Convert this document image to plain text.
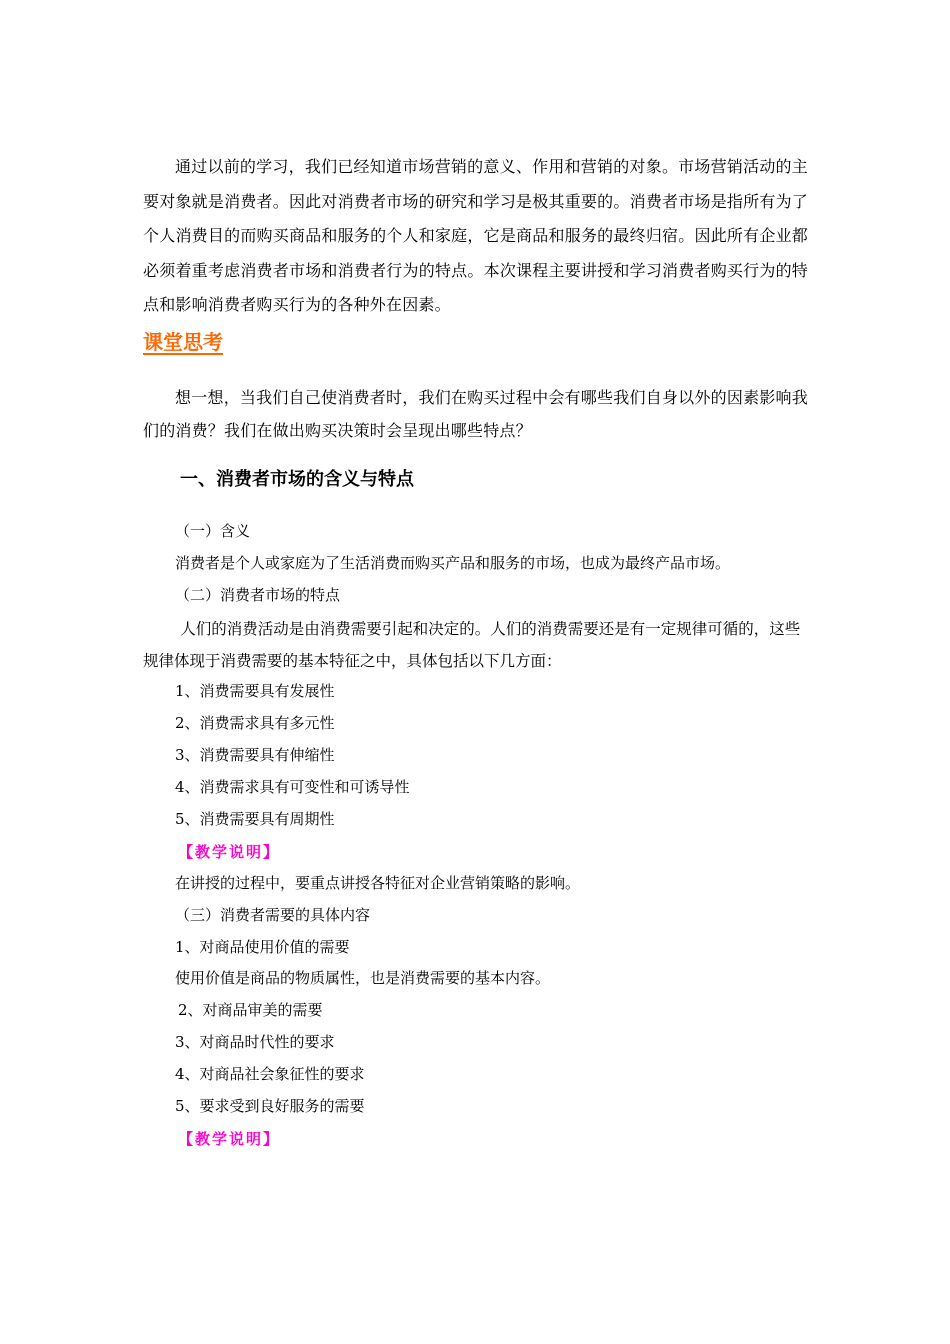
通过以前的学习，我们已经知道市场营销的意义、作用和营销的对象。市场营销活动的主要对象就是消费者。因此对消费者市场的研究和学习是极其重要的。消费者市场是指所有为了个人消费目的而购买商品和服务的个人和家庭，它是商品和服务的最终归宿。因此所有企业都必须着重考虑消费者市场和消费者行为的特点。本次课程主要讲授和学习消费者购买行为的特点和影响消费者购买行为的各种外在因素。

课堂思考

想一想，当我们自己使消费者时，我们在购买过程中会有哪些我们自身以外的因素影响我们的消费？我们在做出购买决策时会呈现出哪些特点？

一、消费者市场的含义与特点

（一）含义

消费者是个人或家庭为了生活消费而购买产品和服务的市场，也成为最终产品市场。

（二）消费者市场的特点

人们的消费活动是由消费需要引起和决定的。人们的消费需要还是有一定规律可循的，这些规律体现于消费需要的基本特征之中，具体包括以下几方面：

1、消费需要具有发展性

2、消费需求具有多元性

3、消费需要具有伸缩性

4、消费需求具有可变性和可诱导性

5、消费需要具有周期性

【教学说明】

在讲授的过程中，要重点讲授各特征对企业营销策略的影响。

（三）消费者需要的具体内容

1、对商品使用价值的需要

使用价值是商品的物质属性，也是消费需要的基本内容。

2、对商品审美的需要

3、对商品时代性的要求

4、对商品社会象征性的要求

5、要求受到良好服务的需要

【教学说明】
